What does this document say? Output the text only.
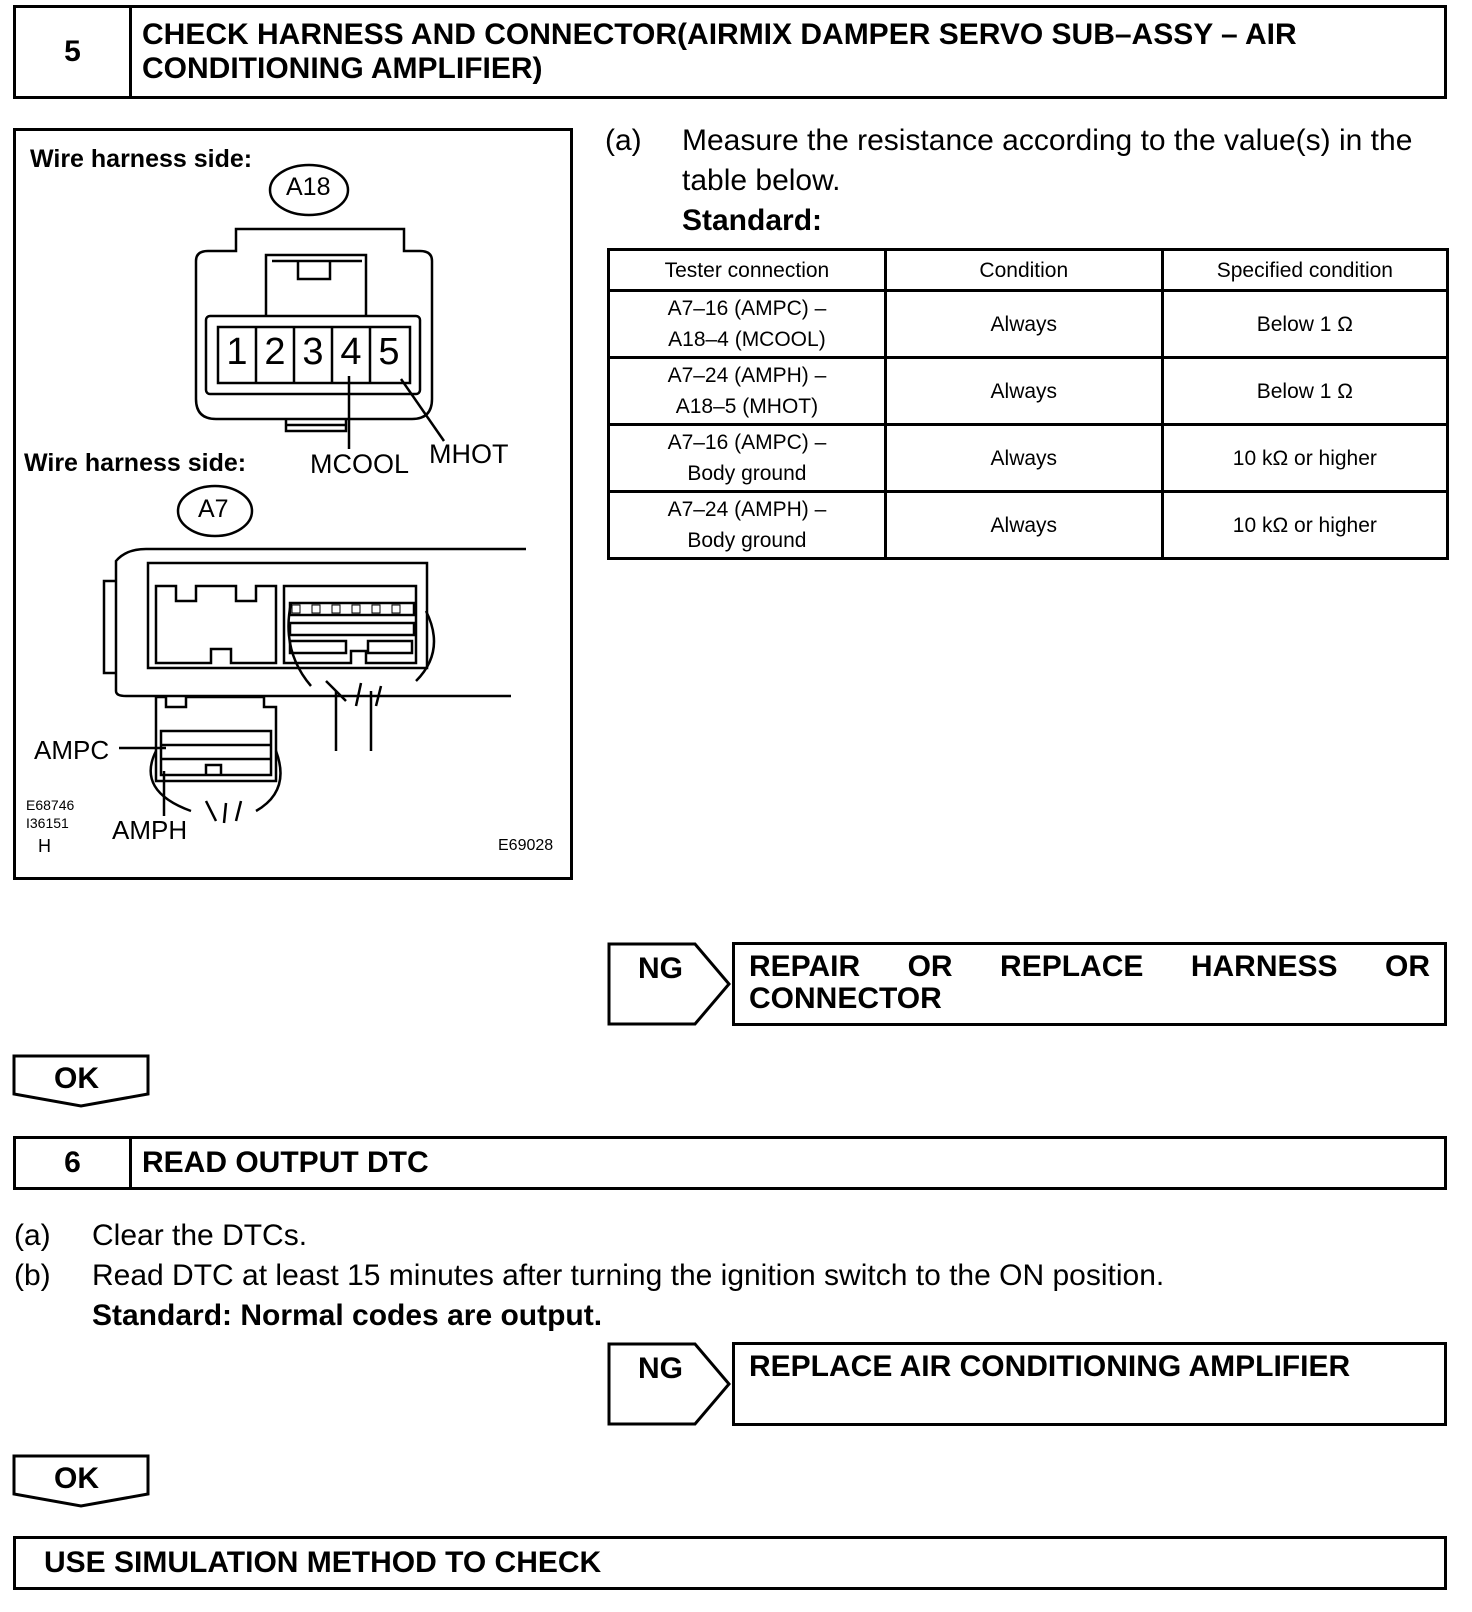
5
CHECK HARNESS AND CONNECTOR(AIRMIX DAMPER SERVO SUB–ASSY – AIR CONDITIONING AMPLIFIER)
Wire harness side:
A18
1 2 3 4 5
MCOOL MHOT
Wire harness side:
A7
AMPC
AMPH
E68746
I36151
H	E69028
(a) Measure the resistance according to the value(s) in the
table below.
Standard:
Tester connection	Condition	Specified condition
A7–16 (AMPC) –
A18–4 (MCOOL)	Always	Below 1 Ω
A7–24 (AMPH) –
A18–5 (MHOT)	Always	Below 1 Ω
A7–16 (AMPC) –
Body ground	Always	10 kΩ or higher
A7–24 (AMPH) –
Body ground	Always	10 kΩ or higher
NG REPAIR OR REPLACE HARNESS OR
CONNECTOR
OK
6	READ OUTPUT DTC
(a) Clear the DTCs.
(b) Read DTC at least 15 minutes after turning the ignition switch to the ON position.
Standard: Normal codes are output.
NG	REPLACE AIR CONDITIONING AMPLIFIER
OK
USE SIMULATION METHOD TO CHECK
